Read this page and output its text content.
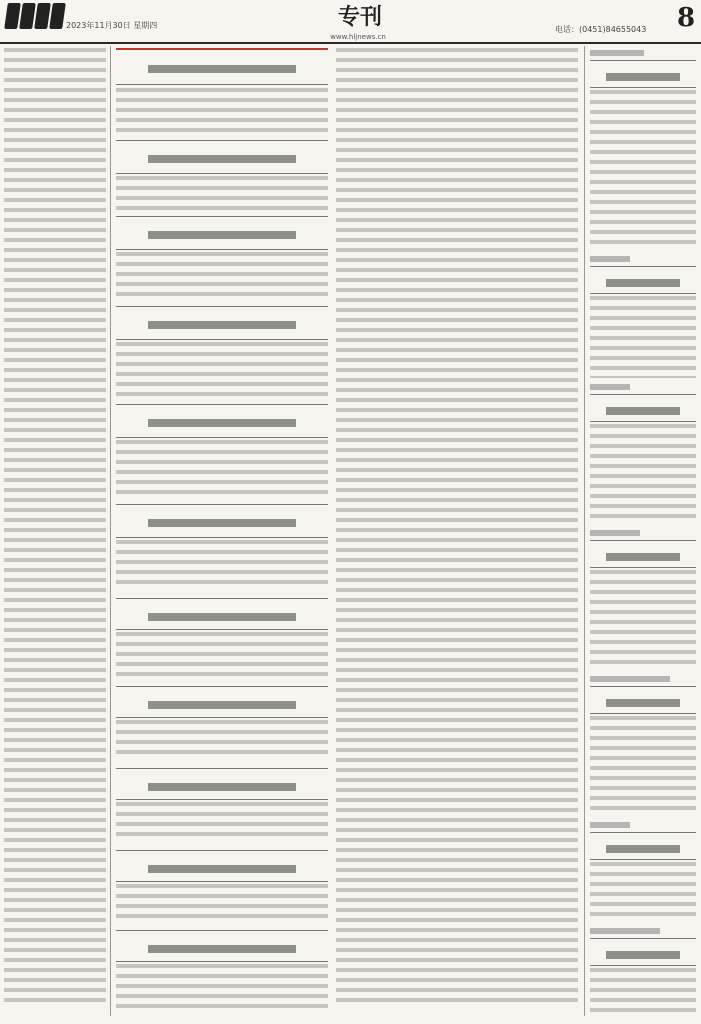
2023年11月30日 星期四	专刊
www.hljnews.cn
电话：(0451)84655043	8
